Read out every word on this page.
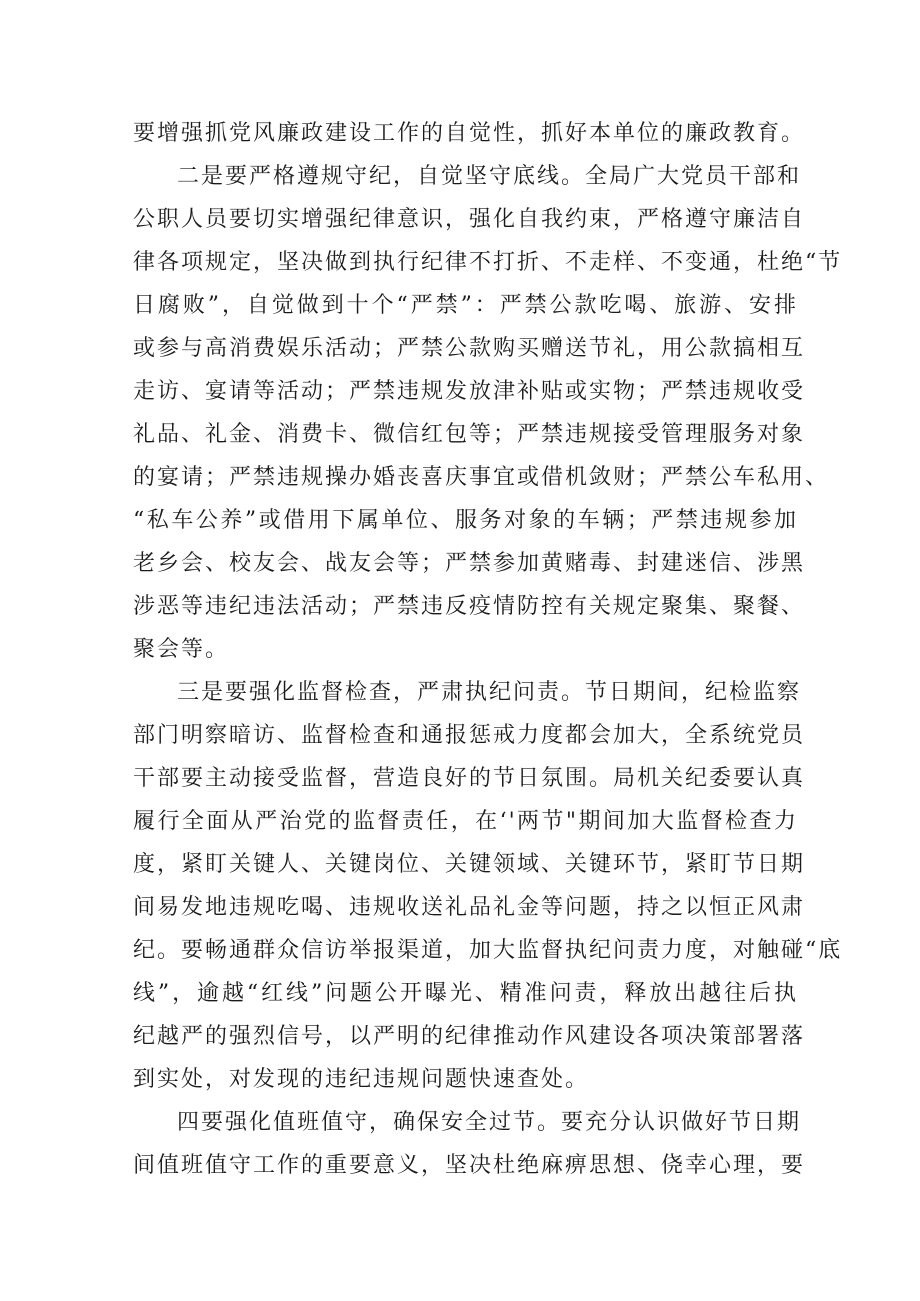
要增强抓党风廉政建设工作的自觉性，抓好本单位的廉政教育。
二是要严格遵规守纪，自觉坚守底线。全局广大党员干部和
公职人员要切实增强纪律意识，强化自我约束，严格遵守廉洁自
律各项规定，坚决做到执行纪律不打折、不走样、不变通，杜绝“节
日腐败”，自觉做到十个“严禁”：严禁公款吃喝、旅游、安排
或参与高消费娱乐活动；严禁公款购买赠送节礼，用公款搞相互
走访、宴请等活动；严禁违规发放津补贴或实物；严禁违规收受
礼品、礼金、消费卡、微信红包等；严禁违规接受管理服务对象
的宴请；严禁违规操办婚丧喜庆事宜或借机敛财；严禁公车私用、
“私车公养”或借用下属单位、服务对象的车辆；严禁违规参加
老乡会、校友会、战友会等；严禁参加黄赌毒、封建迷信、涉黑
涉恶等违纪违法活动；严禁违反疫情防控有关规定聚集、聚餐、
聚会等。
三是要强化监督检查，严肃执纪问责。节日期间，纪检监察
部门明察暗访、监督检查和通报惩戒力度都会加大，全系统党员
干部要主动接受监督，营造良好的节日氛围。局机关纪委要认真
履行全面从严治党的监督责任，在‘'两节"期间加大监督检查力
度，紧盯关键人、关键岗位、关键领域、关键环节，紧盯节日期
间易发地违规吃喝、违规收送礼品礼金等问题，持之以恒正风肃
纪。要畅通群众信访举报渠道，加大监督执纪问责力度，对触碰“底
线”，逾越“红线”问题公开曝光、精准问责，释放出越往后执
纪越严的强烈信号，以严明的纪律推动作风建设各项决策部署落
到实处，对发现的违纪违规问题快速查处。
四要强化值班值守，确保安全过节。要充分认识做好节日期
间值班值守工作的重要意义，坚决杜绝麻痹思想、侥幸心理，要
